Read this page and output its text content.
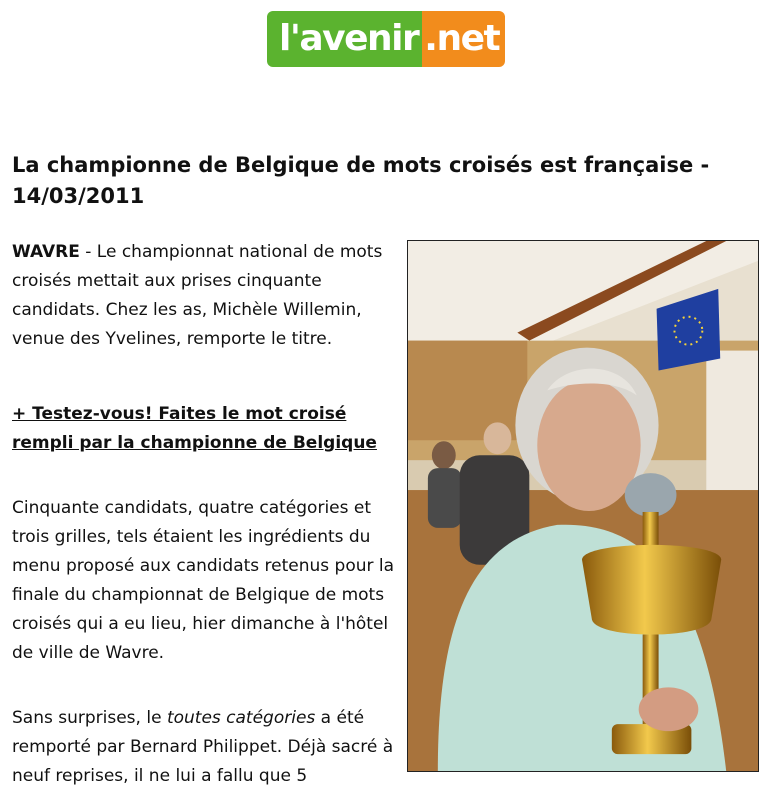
l'avenir .net
La championne de Belgique de mots croisés est française - 14/03/2011

WAVRE - Le championnat national de mots croisés mettait aux prises cinquante candidats. Chez les as, Michèle Willemin, venue des Yvelines, remporte le titre.

+ Testez-vous! Faites le mot croisé rempli par la championne de Belgique

Cinquante candidats, quatre catégories et trois grilles, tels étaient les ingrédients du menu proposé aux candidats retenus pour la finale du championnat de Belgique de mots croisés qui a eu lieu, hier dimanche à l'hôtel de ville de Wavre.

Sans surprises, le toutes catégories a été remporté par Bernard Philippet. Déjà sacré à neuf reprises, il ne lui a fallu que 5
